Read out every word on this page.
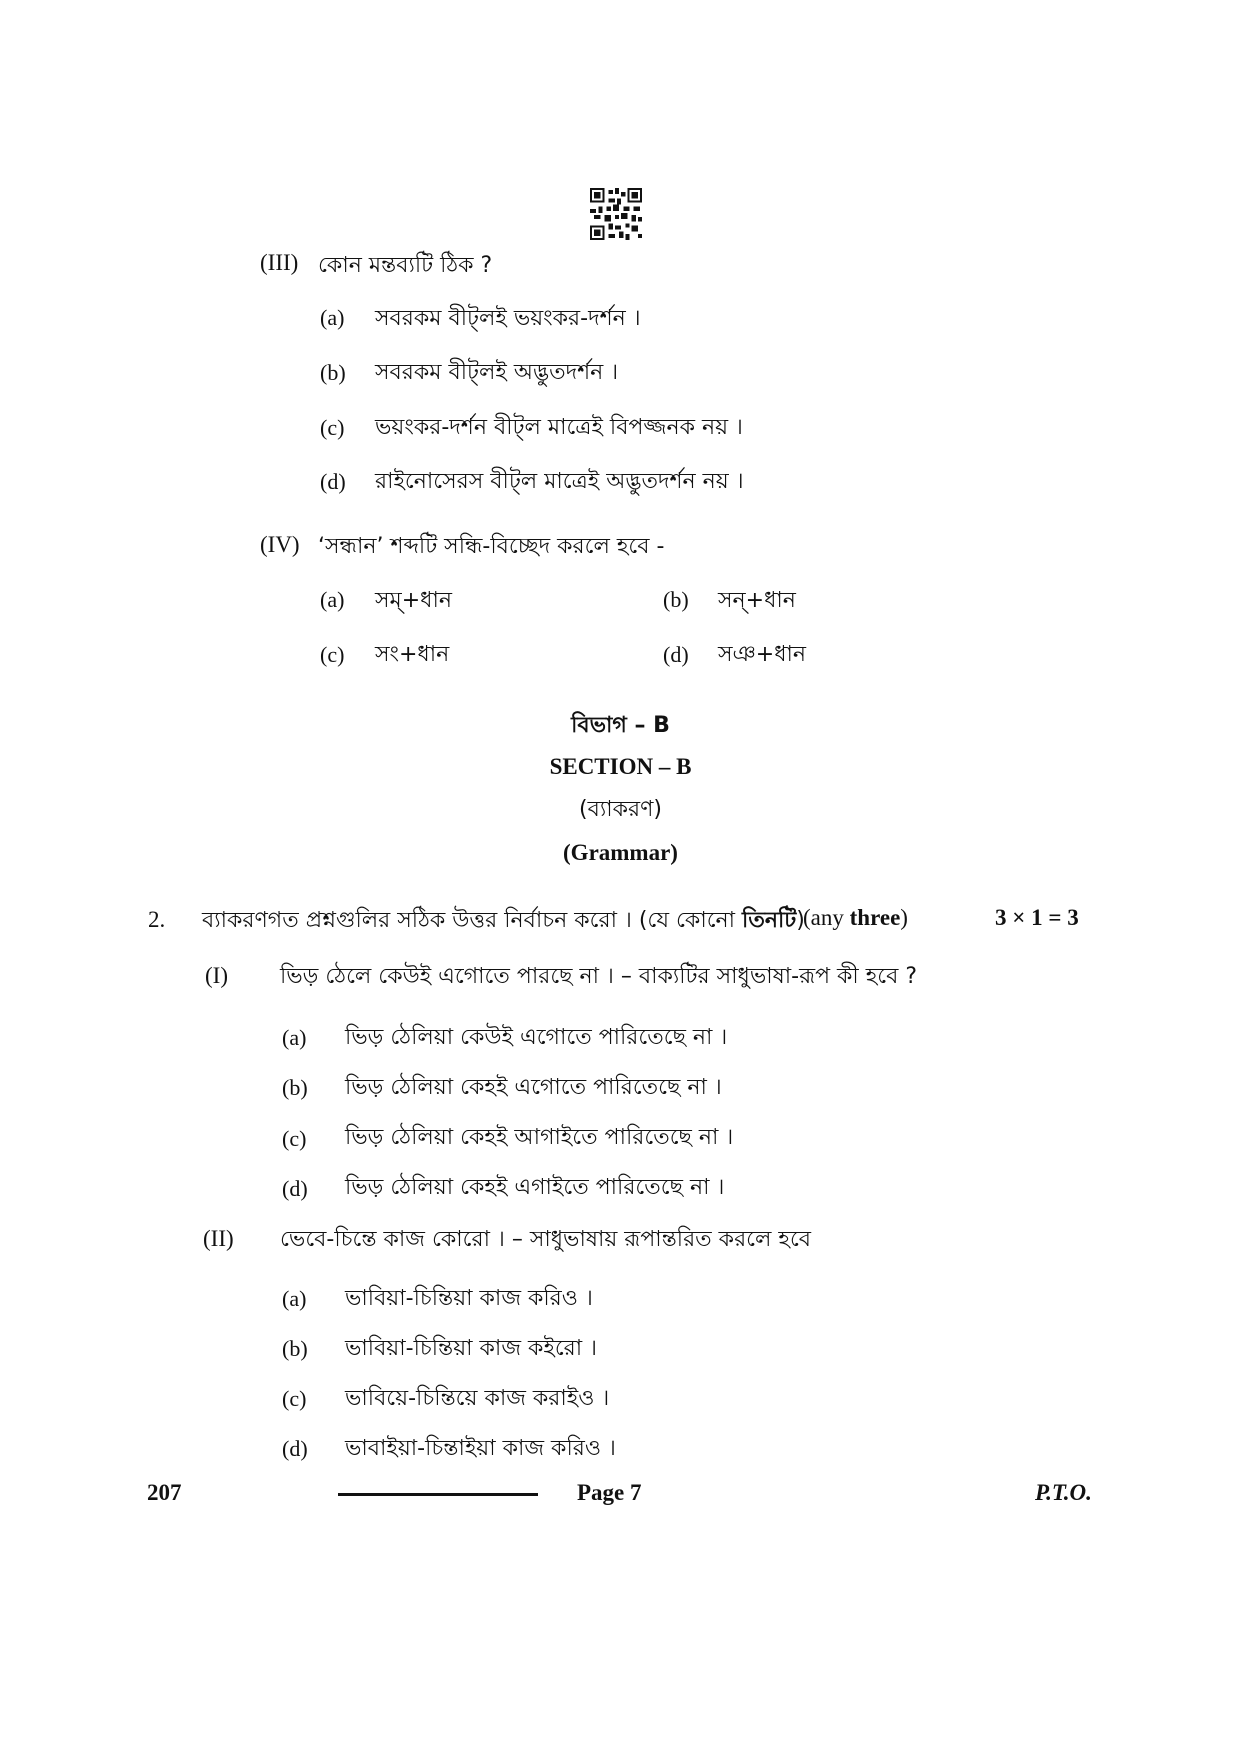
(III) কোন মন্তব্যটি ঠিক ?
(a) সবরকম বীট্‌লই ভয়ংকর-দর্শন ।
(b) সবরকম বীট্‌লই অদ্ভুতদর্শন ।
(c) ভয়ংকর-দর্শন বীট্‌ল মাত্রেই বিপজ্জনক নয় ।
(d) রাইনোসেরস বীট্‌ল মাত্রেই অদ্ভুতদর্শন নয় ।
(IV) ‘সন্ধান’ শব্দটি সন্ধি-বিচ্ছেদ করলে হবে -
(a) সম্‌+ধান	(b) সন্‌+ধান
(c) সং+ধান	(d) সঞ+ধান
বিভাগ – B
SECTION – B
(ব্যাকরণ)
(Grammar)
2. ব্যাকরণগত প্রশ্নগুলির সঠিক উত্তর নির্বাচন করো । (যে কোনো তিনটি)
(any three)	3 × 1 = 3
(I) ভিড় ঠেলে কেউই এগোতে পারছে না । – বাক্যটির সাধুভাষা-রূপ কী হবে ?
(a) ভিড় ঠেলিয়া কেউই এগোতে পারিতেছে না ।
(b) ভিড় ঠেলিয়া কেহই এগোতে পারিতেছে না ।
(c) ভিড় ঠেলিয়া কেহই আগাইতে পারিতেছে না ।
(d) ভিড় ঠেলিয়া কেহই এগাইতে পারিতেছে না ।
(II) ভেবে-চিন্তে কাজ কোরো । – সাধুভাষায় রূপান্তরিত করলে হবে
(a) ভাবিয়া-চিন্তিয়া কাজ করিও ।
(b) ভাবিয়া-চিন্তিয়া কাজ কইরো ।
(c) ভাবিয়ে-চিন্তিয়ে কাজ করাইও ।
(d) ভাবাইয়া-চিন্তাইয়া কাজ করিও ।
207	Page 7	P.T.O.
